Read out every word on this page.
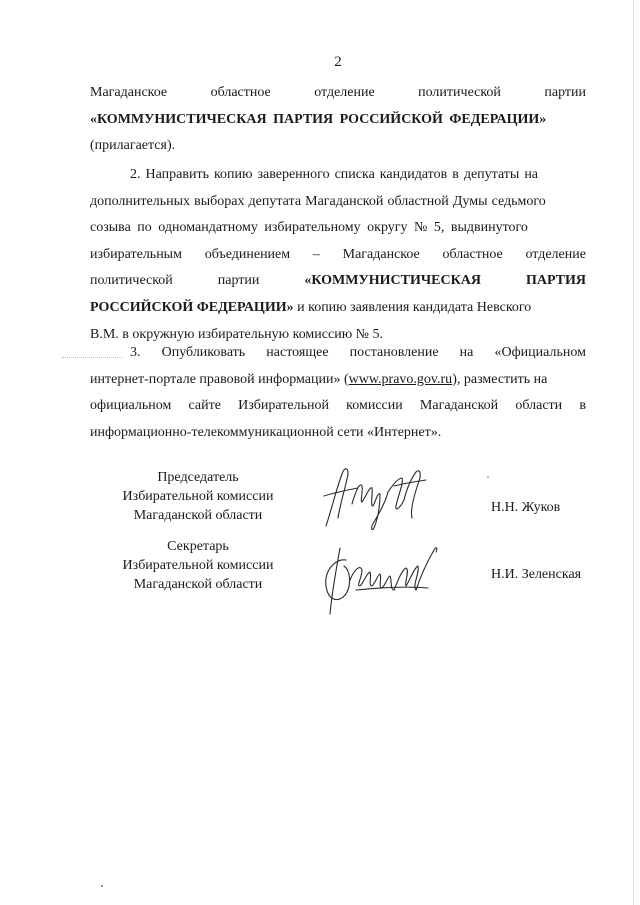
2
Магаданское	областное	отделение	политической	партии
«КОММУНИСТИЧЕСКАЯ ПАРТИЯ РОССИЙСКОЙ ФЕДЕРАЦИИ»
(прилагается).
2. Направить копию заверенного списка кандидатов в депутаты на
дополнительных выборах депутата Магаданской областной Думы седьмого
созыва по одномандатному избирательному округу № 5, выдвинутого
избирательным объединением – Магаданское областное отделение
политической	партии	«КОММУНИСТИЧЕСКАЯ	ПАРТИЯ
РОССИЙСКОЙ ФЕДЕРАЦИИ» и копию заявления кандидата Невского
В.М. в окружную избирательную комиссию № 5.
3. Опубликовать настоящее постановление на «Официальном
интернет-портале правовой информации» ( www.pravo.gov.ru ), разместить на
официальном сайте Избирательной комиссии Магаданской области в
информационно-телекоммуникационной сети «Интернет».
Председатель
Избирательной комиссии
Магаданской области
Н.Н. Жуков
Секретарь
Избирательной комиссии
Магаданской области
Н.И. Зеленская
